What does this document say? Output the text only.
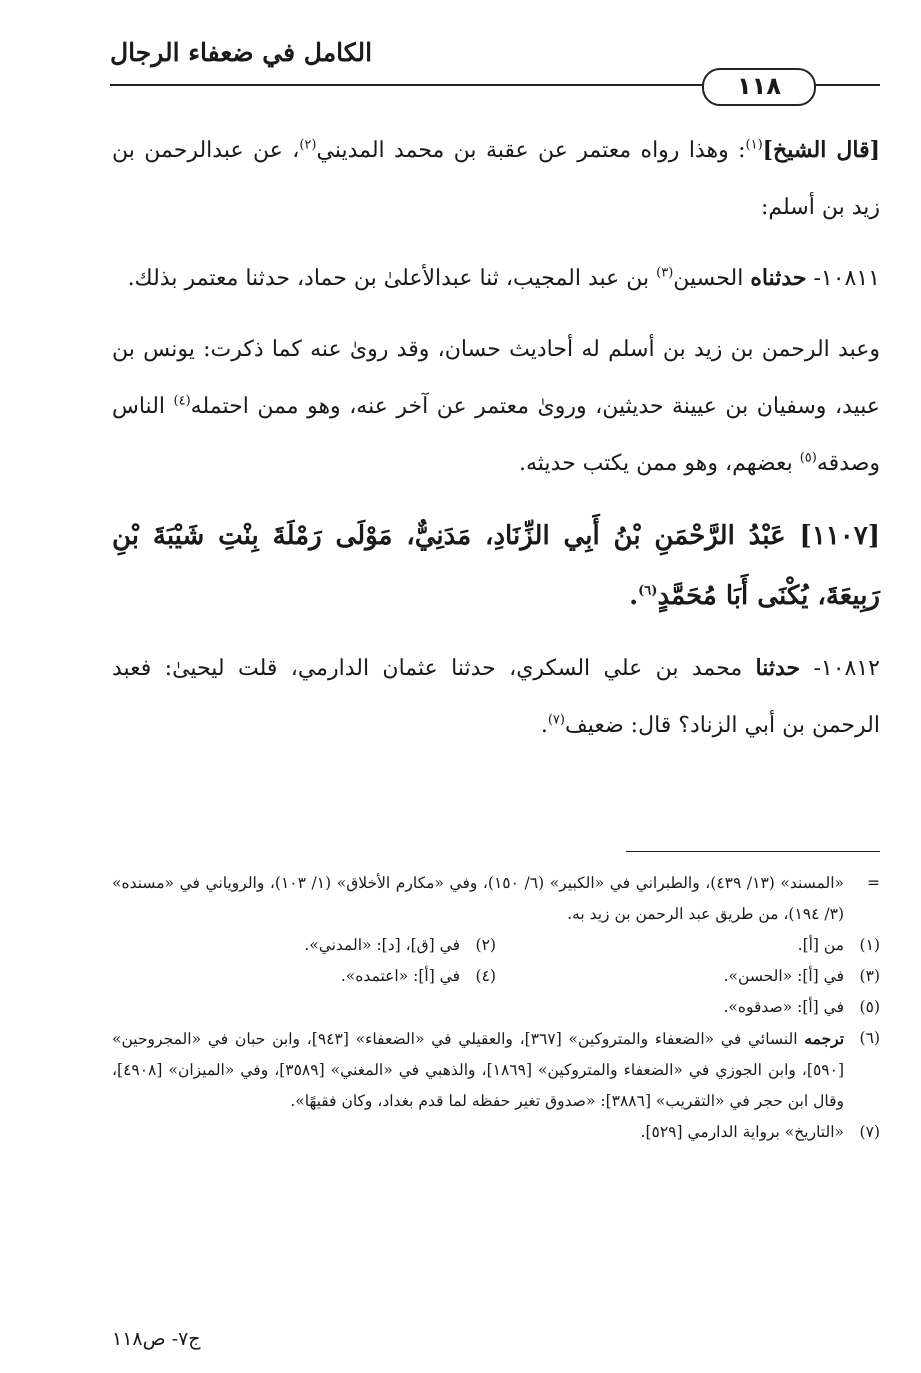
الكامل في ضعفاء الرجال
١١٨

[قال الشيخ]$^{(١)}$: وهذا رواه معتمر عن عقبة بن محمد المديني$^{(٢)}$، عن عبدالرحمن بن زيد بن أسلم:

١٠٨١١- حدثناه الحسين$^{(٣)}$ بن عبد المجيب، ثنا عبدالأعلىٰ بن حماد، حدثنا معتمر بذلك.

وعبد الرحمن بن زيد بن أسلم له أحاديث حسان، وقد رویٰ عنه كما ذكرت: يونس بن عبيد، وسفيان بن عيينة حديثين، ورویٰ معتمر عن آخر عنه، وهو ممن احتمله$^{(٤)}$ الناس وصدقه$^{(٥)}$ بعضهم، وهو ممن يكتب حديثه.

[١١٠٧] عَبْدُ الرَّحْمَنِ بْنُ أَبِي الزِّنَادِ، مَدَنِيٌّ، مَوْلَى رَمْلَةَ بِنْتِ شَيْبَةَ بْنِ رَبِيعَةَ، يُكْنَى أَبَا مُحَمَّدٍ$^{(٦)}$.

١٠٨١٢- حدثنا محمد بن علي السكري، حدثنا عثمان الدارمي، قلت ليحيىٰ: فعبد الرحمن بن أبي الزناد؟ قال: ضعيف$^{(٧)}$.

=
«المسند» (١٣/ ٤٣٩)، والطبراني في «الكبير» (٦/ ١٥٠)، وفي «مكارم الأخلاق» (١/ ١٠٣)، والروياني في «مسنده» (٣/ ١٩٤)، من طريق عبد الرحمن بن زيد به.
(١)
من [أ].
(٢)
في [ق]، [د]: «المدني».
(٣)
في [أ]: «الحسن».
(٤)
في [أ]: «اعتمده».
(٥)
في [أ]: «صدقوه».
(٦)
ترجمه النسائي في «الضعفاء والمتروكين» [٣٦٧]، والعقيلي في «الضعفاء» [٩٤٣]، وابن حبان في «المجروحين» [٥٩٠]، وابن الجوزي في «الضعفاء والمتروكين» [١٨٦٩]، والذهبي في «المغني» [٣٥٨٩]، وفي «الميزان» [٤٩٠٨]، وقال ابن حجر في «التقريب» [٣٨٨٦]: «صدوق تغير حفظه لما قدم بغداد، وكان فقيهًا».
(٧)
«التاريخ» برواية الدارمي [٥٢٩].
ج٧- ص١١٨
